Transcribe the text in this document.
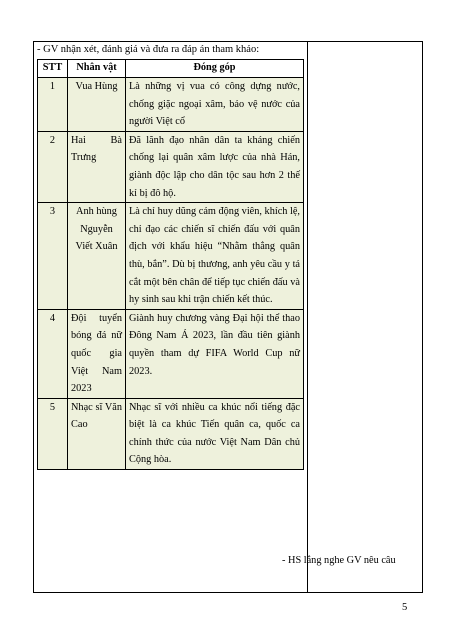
- GV nhận xét, đánh giá và đưa ra đáp án tham khảo:
STT	Nhân vật	Đóng góp
1	Vua Hùng	Là những vị vua có công dựng nước, chống giặc ngoại xâm, bảo vệ nước của người Việt cổ
2	Hai Bà Trưng	Đã lãnh đạo nhân dân ta kháng chiến chống lại quân xâm lược của nhà Hán, giành độc lập cho dân tộc sau hơn 2 thế kỉ bị đô hộ.
3	Anh hùng Nguyễn Viết Xuân	Là chỉ huy dũng cảm động viên, khích lệ, chỉ đạo các chiến sĩ chiến đấu với quân địch với khẩu hiệu “Nhằm thẳng quân thù, bắn”. Dù bị thương, anh yêu cầu y tá cắt một bên chân để tiếp tục chiến đấu và hy sinh sau khi trận chiến kết thúc.
4	Đội tuyển bóng đá nữ quốc gia Việt Nam 2023	Giành huy chương vàng Đại hội thể thao Đông Nam Á 2023, lần đầu tiên giành quyền tham dự FIFA World Cup nữ 2023.
5	Nhạc sĩ Văn Cao	Nhạc sĩ với nhiều ca khúc nổi tiếng đặc biệt là ca khúc Tiến quân ca, quốc ca chính thức của nước Việt Nam Dân chủ Cộng hòa.
- HS lắng nghe GV nêu câu
5
